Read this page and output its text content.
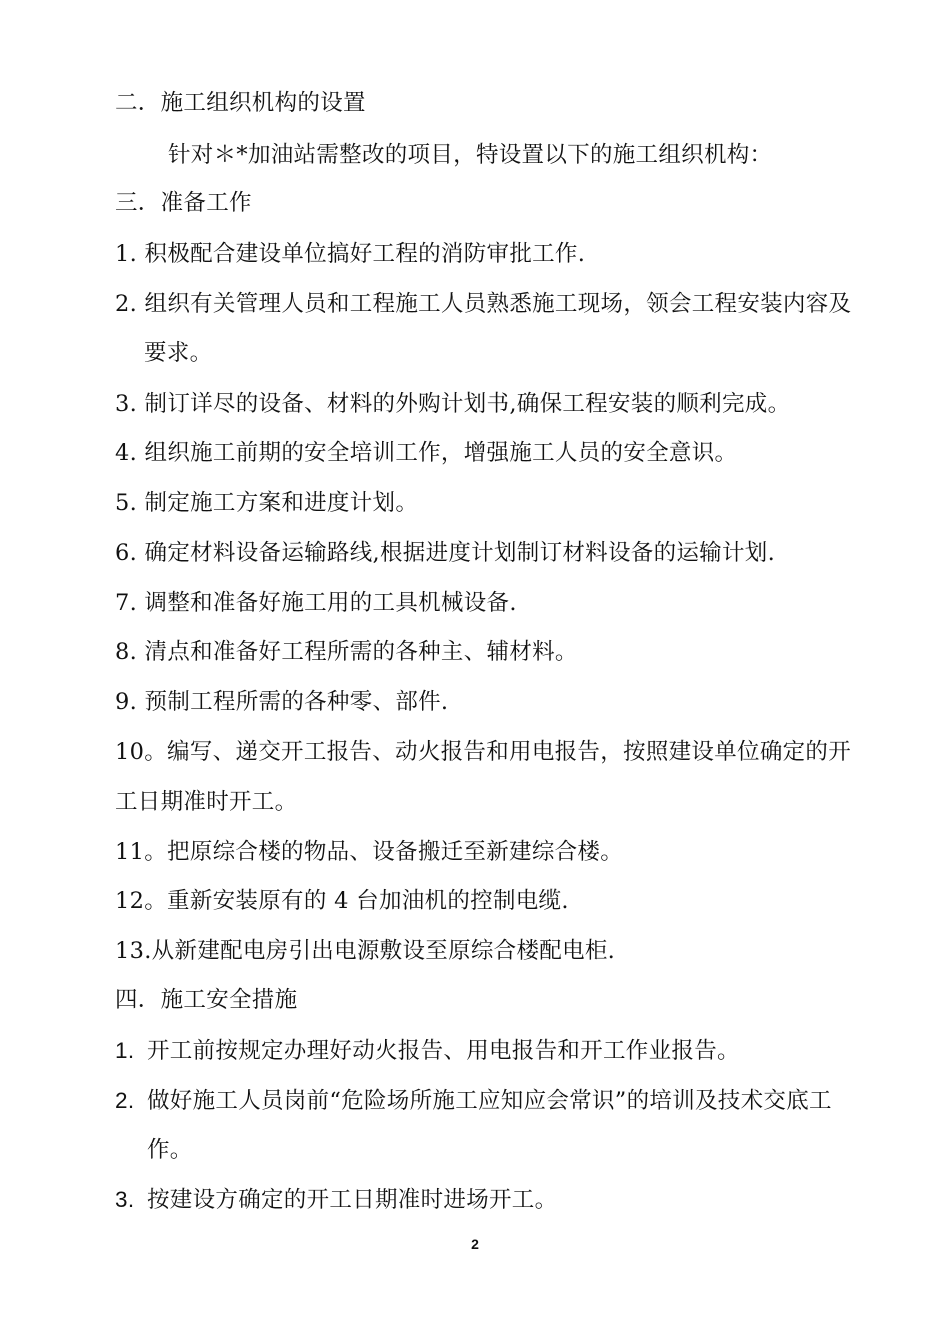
二．施工组织机构的设置
针对＊*加油站需整改的项目，特设置以下的施工组织机构：
三．准备工作
1. 积极配合建设单位搞好工程的消防审批工作.
2. 组织有关管理人员和工程施工人员熟悉施工现场，领会工程安装内容及
要求。
3. 制订详尽的设备、材料的外购计划书,确保工程安装的顺利完成。
4. 组织施工前期的安全培训工作，增强施工人员的安全意识。
5. 制定施工方案和进度计划。
6. 确定材料设备运输路线,根据进度计划制订材料设备的运输计划.
7. 调整和准备好施工用的工具机械设备.
8. 清点和准备好工程所需的各种主、辅材料。
9. 预制工程所需的各种零、部件.
10。编写、递交开工报告、动火报告和用电报告，按照建设单位确定的开
工日期准时开工。
11。把原综合楼的物品、设备搬迁至新建综合楼。
12。重新安装原有的 4 台加油机的控制电缆.
13.从新建配电房引出电源敷设至原综合楼配电柜.
四．施工安全措施
1. 开工前按规定办理好动火报告、用电报告和开工作业报告。
2. 做好施工人员岗前“危险场所施工应知应会常识”的培训及技术交底工
作。
3. 按建设方确定的开工日期准时进场开工。
2
